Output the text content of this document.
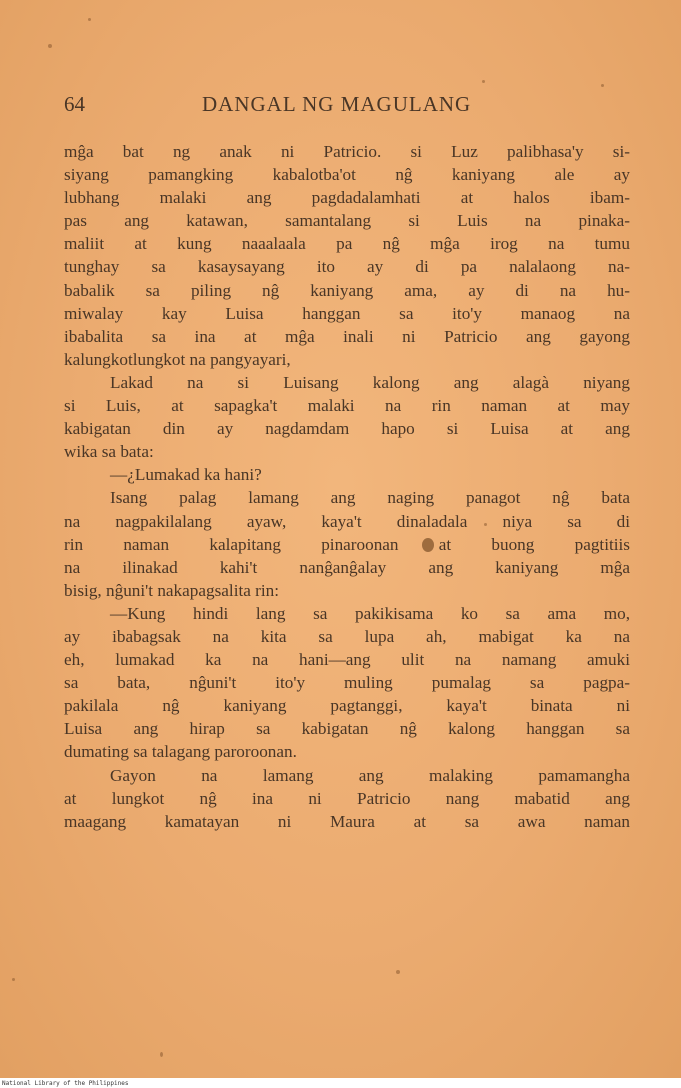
64	DANGAL NG MAGULANG
mĝa bat ng anak ni Patricio. si Luz palibhasa'y si-
siyang pamangking kabalotba'ot nĝ kaniyang ale ay
lubhang malaki ang pagdadalamhati at halos ibam-
pas ang katawan, samantalang si Luis na pinaka-
maliit at kung naaalaala pa nĝ mĝa irog na tumu
tunghay sa kasaysayang ito ay di pa nalalaong na-
babalik sa piling nĝ kaniyang ama, ay di na hu-
miwalay kay Luisa hanggan sa ito'y manaog na
ibabalita sa ina at mĝa inali ni Patricio ang gayong
kalungkotlungkot na pangyayari,
Lakad na si Luisang kalong ang alagà niyang
si Luis, at sapagka't malaki na rin naman at may
kabigatan din ay nagdamdam hapo si Luisa at ang
wika sa bata:
—¿Lumakad ka hani?
Isang palag lamang ang naging panagot nĝ bata
na nagpakilalang ayaw, kaya't dinaladala niya sa di
rin naman kalapitang pinaroonan at buong pagtitiis
na ilinakad kahi't nanĝanĝalay ang kaniyang mĝa
bisig, nĝuni't nakapagsalita rin:
—Kung hindi lang sa pakikisama ko sa ama mo,
ay ibabagsak na kita sa lupa ah, mabigat ka na
eh, lumakad ka na hani—ang ulit na namang amuki
sa bata, nĝuni't ito'y muling pumalag sa pagpa-
pakilala nĝ kaniyang pagtanggi, kaya't binata ni
Luisa ang hirap sa kabigatan nĝ kalong hanggan sa
dumating sa talagang paroroonan.
Gayon na lamang ang malaking pamamangha
at lungkot nĝ ina ni Patricio nang mabatid ang
maagang kamatayan ni Maura at sa awa naman
National Library of the Philippines
